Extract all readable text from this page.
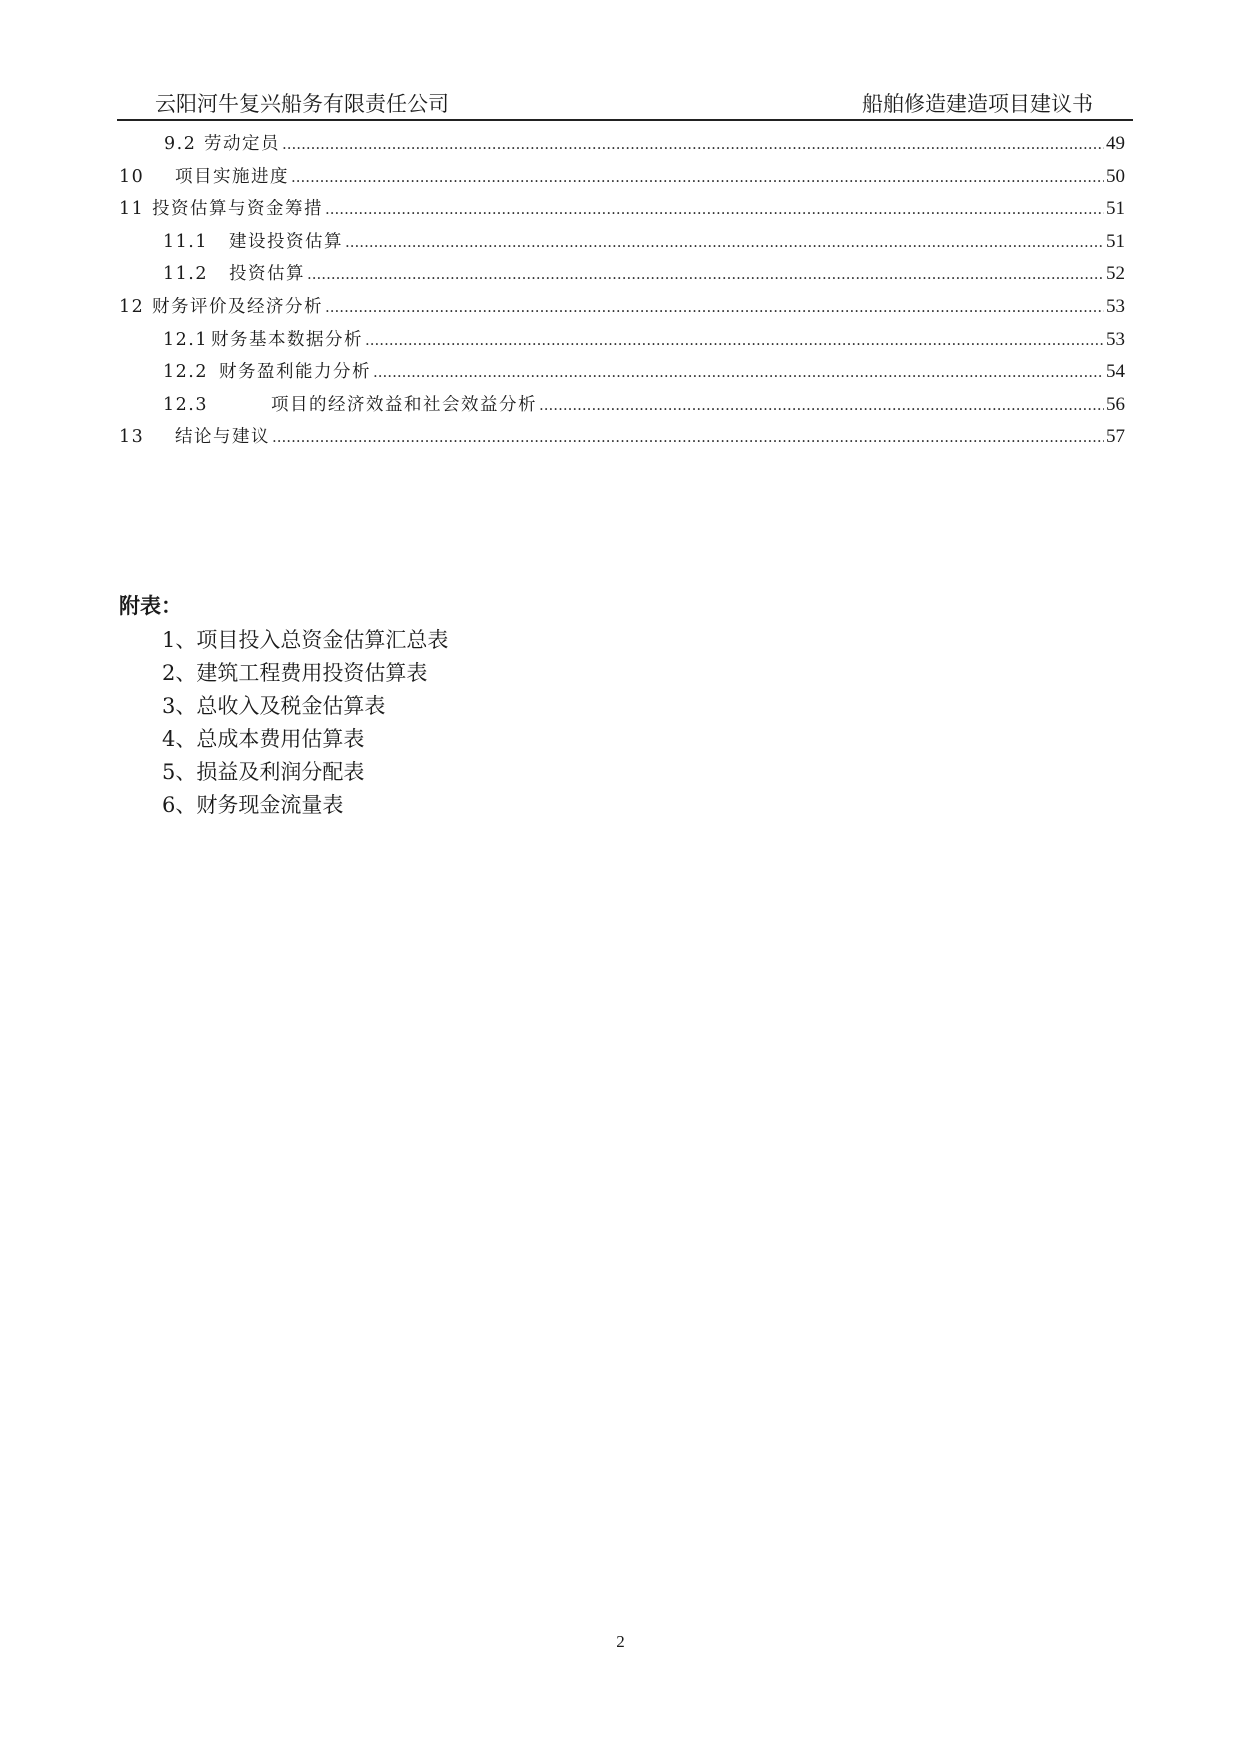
云阳河牛复兴船务有限责任公司	船舶修造建造项目建议书
9.2 劳动定员 .....	49
10	项目实施进度 .....	50
11 投资估算与资金筹措 .....	51
11.1	建设投资估算 .....	51
11.2	投资估算 .....	52
12 财务评价及经济分析 .....	53
12.1 财务基本数据分析 .....	53
12.2 财务盈利能力分析 .....	54
12.3	项目的经济效益和社会效益分析 .....	56
13	结论与建议 .....	57
附表：
1、项目投入总资金估算汇总表
2、建筑工程费用投资估算表
3、总收入及税金估算表
4、总成本费用估算表
5、损益及利润分配表
6、财务现金流量表
2
